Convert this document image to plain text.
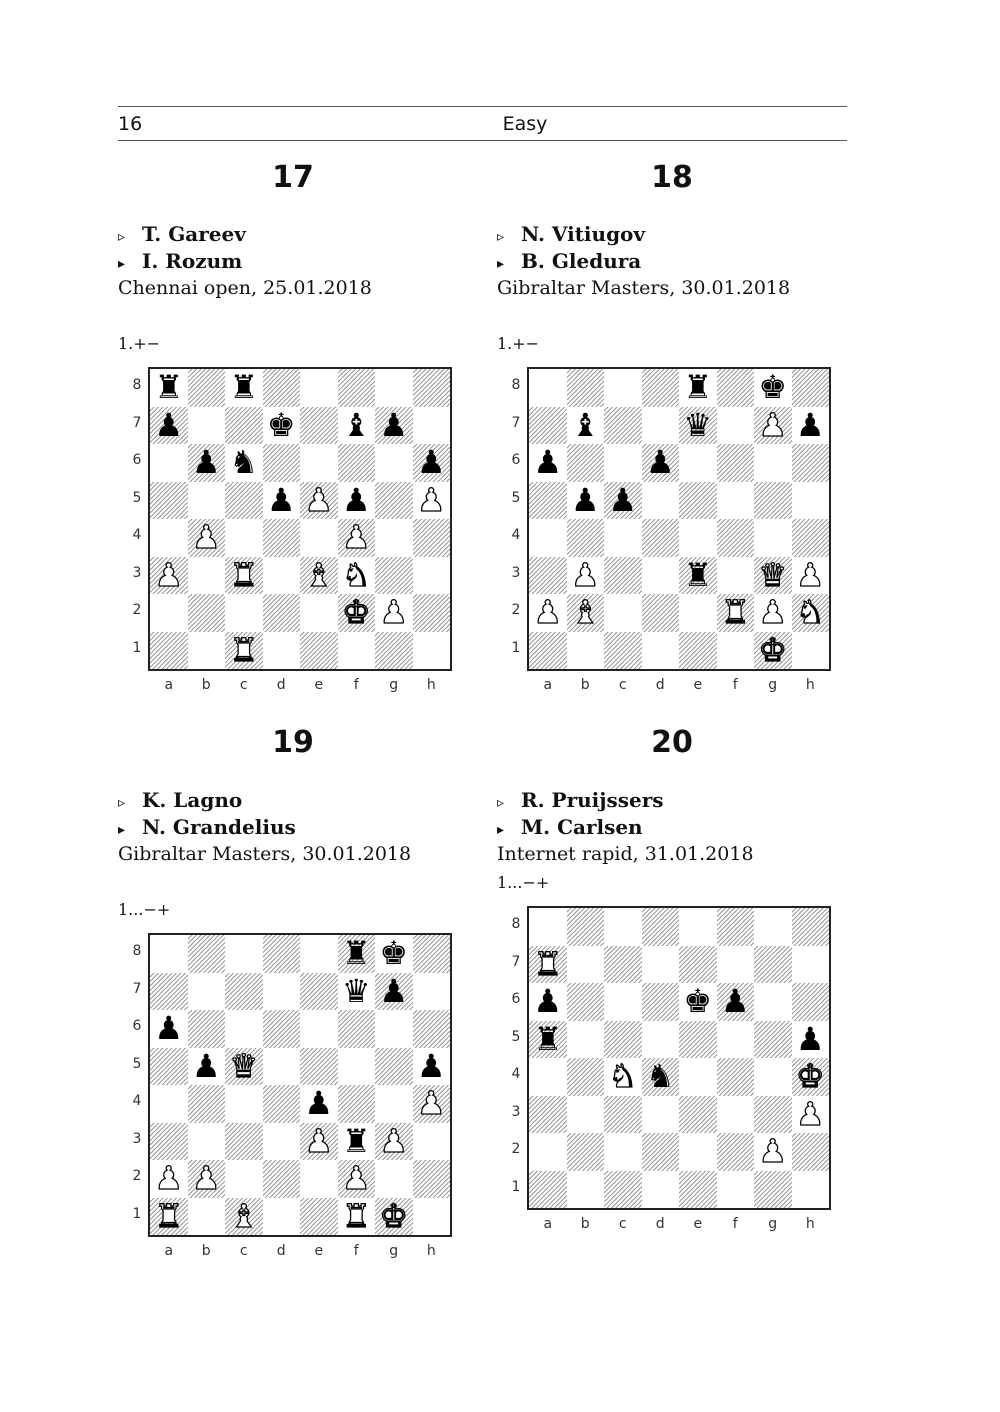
16	Easy
17
▹ T. Gareev
▸ I. Rozum
Chennai open, 25.01.2018
1.+−
♜ ♜
♟	♚ ♝ ♟
♟ ♞	♟
♟ ♟ ♟ ♟
♟	♟
♟ ♜ ♝ ♞
♚ ♟
♜
8
7
6
5
4
3
2
1
a	b	c	d	e	f	g	h
18
▹ N. Vitiugov
▸ B. Gledura
Gibraltar Masters, 30.01.2018
1.+−
♜ ♚
♝	♛ ♟ ♟
♟	♟
♟ ♟
♟	♜ ♛ ♟
♟ ♝	♜ ♟ ♞
♚
8
7
6
5
4
3
2
1
a	b	c	d	e	f	g	h
19
▹ K. Lagno
▸ N. Grandelius
Gibraltar Masters, 30.01.2018
1...−+
♜ ♚
♛ ♟
♟
♟ ♛	♟
♟	♟
♟ ♜ ♟
♟ ♟	♟
♜ ♝	♜ ♚
8
7
6
5
4
3
2
1
a	b	c	d	e	f	g	h
20
▹ R. Pruijssers
▸ M. Carlsen
Internet rapid, 31.01.2018
1...−+
♜
♟	♚ ♟
♜	♟
♞ ♞	♚
♟
♟
8
7
6
5
4
3
2
1
a	b	c	d	e	f	g	h
